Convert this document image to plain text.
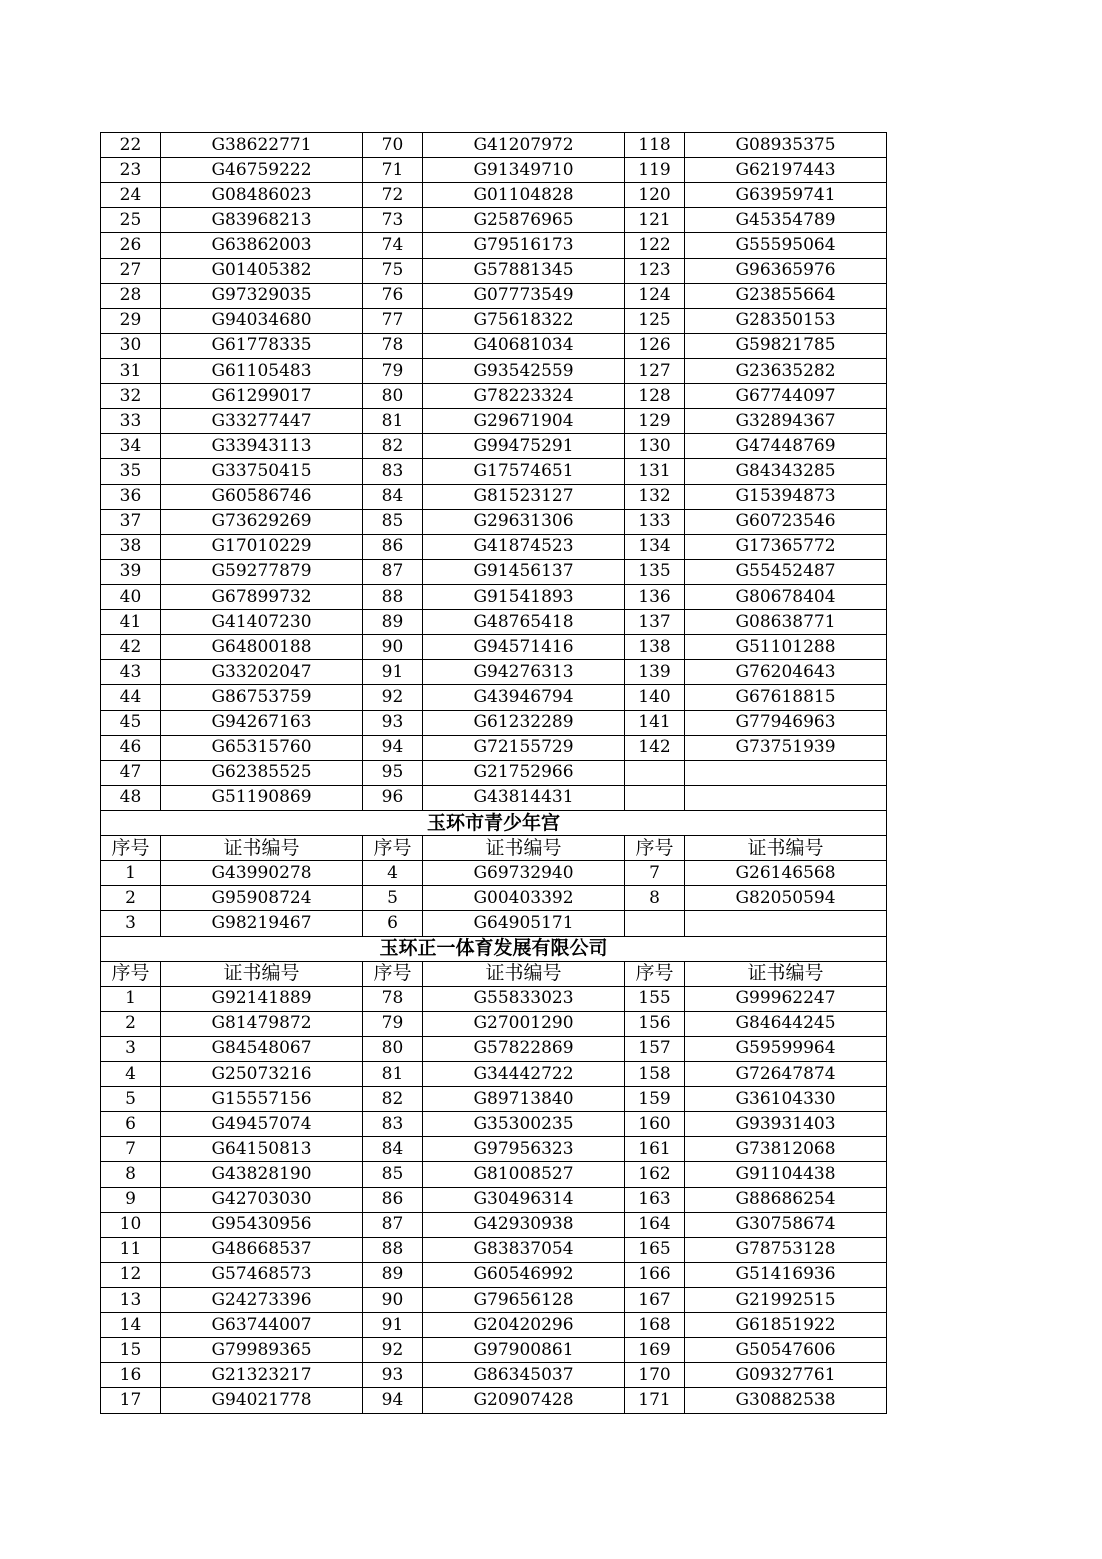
22	G38622771	70	G41207972	118	G08935375
23	G46759222	71	G91349710	119	G62197443
24	G08486023	72	G01104828	120	G63959741
25	G83968213	73	G25876965	121	G45354789
26	G63862003	74	G79516173	122	G55595064
27	G01405382	75	G57881345	123	G96365976
28	G97329035	76	G07773549	124	G23855664
29	G94034680	77	G75618322	125	G28350153
30	G61778335	78	G40681034	126	G59821785
31	G61105483	79	G93542559	127	G23635282
32	G61299017	80	G78223324	128	G67744097
33	G33277447	81	G29671904	129	G32894367
34	G33943113	82	G99475291	130	G47448769
35	G33750415	83	G17574651	131	G84343285
36	G60586746	84	G81523127	132	G15394873
37	G73629269	85	G29631306	133	G60723546
38	G17010229	86	G41874523	134	G17365772
39	G59277879	87	G91456137	135	G55452487
40	G67899732	88	G91541893	136	G80678404
41	G41407230	89	G48765418	137	G08638771
42	G64800188	90	G94571416	138	G51101288
43	G33202047	91	G94276313	139	G76204643
44	G86753759	92	G43946794	140	G67618815
45	G94267163	93	G61232289	141	G77946963
46	G65315760	94	G72155729	142	G73751939
47	G62385525	95	G21752966		
48	G51190869	96	G43814431		
玉环市青少年宫					
序号	证书编号	序号	证书编号	序号	证书编号
1	G43990278	4	G69732940	7	G26146568
2	G95908724	5	G00403392	8	G82050594
3	G98219467	6	G64905171		
玉环正一体育发展有限公司					
序号	证书编号	序号	证书编号	序号	证书编号
1	G92141889	78	G55833023	155	G99962247
2	G81479872	79	G27001290	156	G84644245
3	G84548067	80	G57822869	157	G59599964
4	G25073216	81	G34442722	158	G72647874
5	G15557156	82	G89713840	159	G36104330
6	G49457074	83	G35300235	160	G93931403
7	G64150813	84	G97956323	161	G73812068
8	G43828190	85	G81008527	162	G91104438
9	G42703030	86	G30496314	163	G88686254
10	G95430956	87	G42930938	164	G30758674
11	G48668537	88	G83837054	165	G78753128
12	G57468573	89	G60546992	166	G51416936
13	G24273396	90	G79656128	167	G21992515
14	G63744007	91	G20420296	168	G61851922
15	G79989365	92	G97900861	169	G50547606
16	G21323217	93	G86345037	170	G09327761
17	G94021778	94	G20907428	171	G30882538
